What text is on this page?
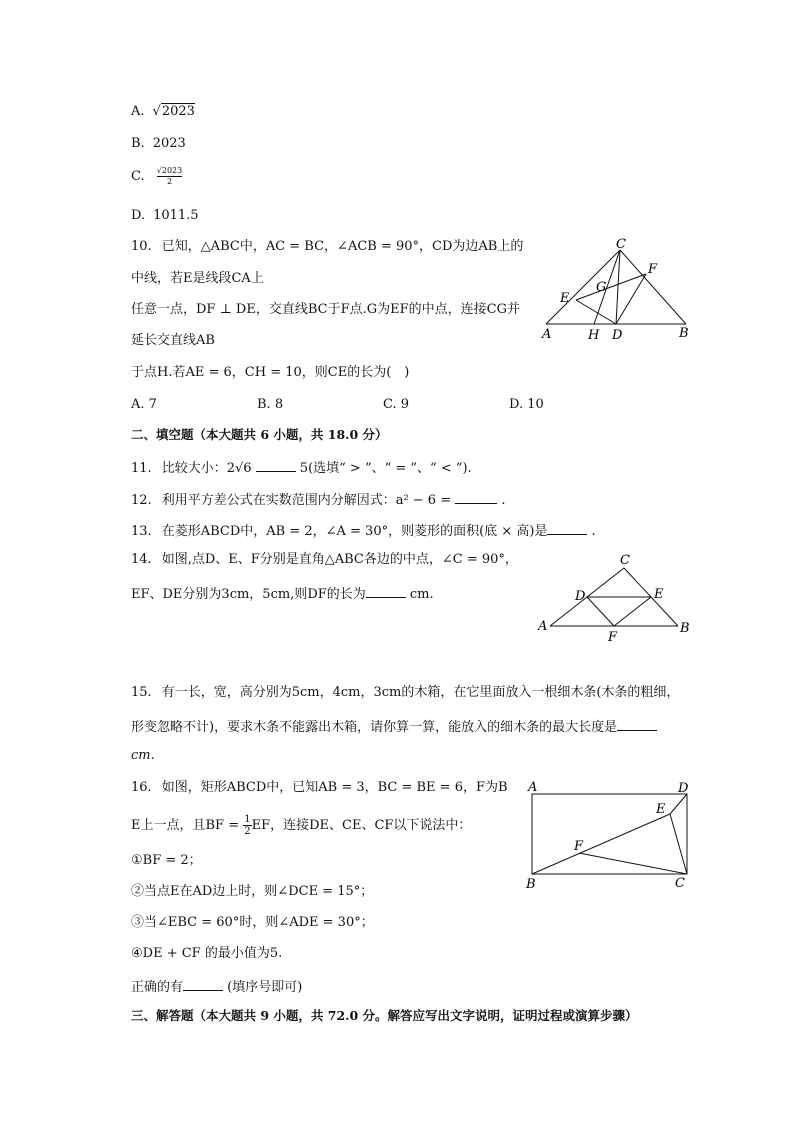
A. √2023
B. 2023
C. $\frac{√2023}{2}$
D. 1011.5
10. 已知，△ABC中，AC = BC，∠ACB = 90°，CD为边AB上的
中线，若E是线段CA上
任意一点，DF ⊥ DE，交直线BC于F点.G为EF的中点，连接CG并
延长交直线AB
于点H.若AE = 6，CH = 10，则CE的长为(　)
A. 7	B. 8	C. 9	D. 10
C
F
G
E
A	H D	B
二、填空题（本大题共 6 小题，共 18.0 分）
11. 比较大小：2√6	5(选填“ > ”、“ = ”、“ < ”).
12. 利用平方差公式在实数范围内分解因式：a² − 6 =	.
13. 在菱形ABCD中，AB = 2，∠A = 30°，则菱形的面积(底 × 高)是	.
14. 如图,点D、E、F分别是直角△ABC各边的中点，∠C = 90°，
EF、DE分别为3cm，5cm,则DF的长为	cm.
C
D	E
A	B
F
15. 有一长，宽，高分别为5cm，4cm，3cm的木箱，在它里面放入一根细木条(木条的粗细，
形变忽略不计)，要求木条不能露出木箱，请你算一算，能放入的细木条的最大长度是
cm.
16. 如图，矩形ABCD中，已知AB = 3，BC = BE = 6，F为B
E上一点，且BF = $\frac{1}{2}$ EF，连接DE、CE、CF以下说法中：
①BF = 2；
②当点E在AD边上时，则∠DCE = 15°；
③当∠EBC = 60°时，则∠ADE = 30°；
④DE + CF 的最小值为5.
正确的有	(填序号即可)
A	D
E
F
B	C
三、解答题（本大题共 9 小题，共 72.0 分。解答应写出文字说明，证明过程或演算步骤）
